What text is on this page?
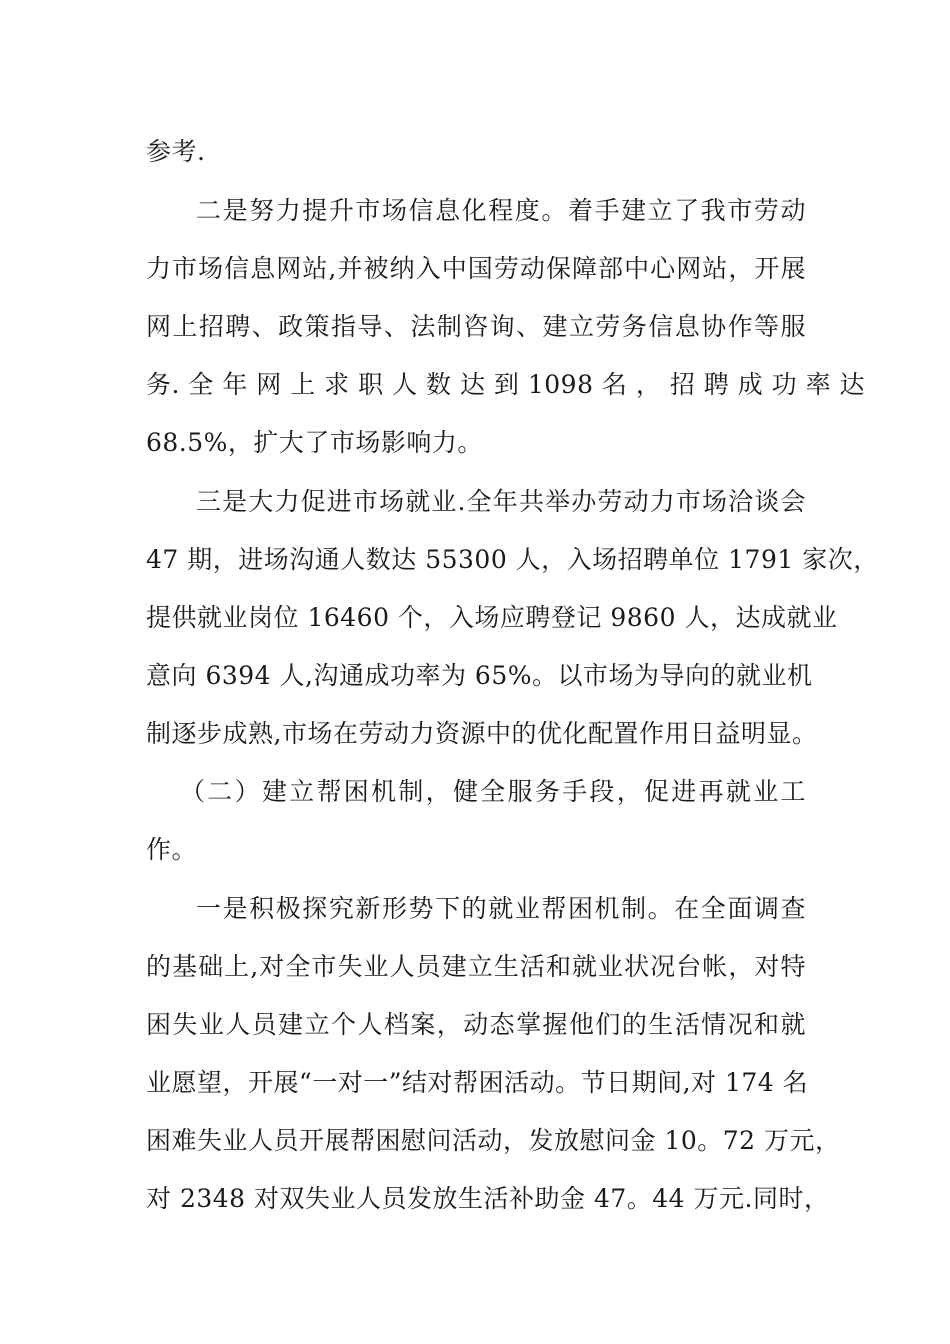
参考.
二是努力提升市场信息化程度。着手建立了我市劳动
力市场信息网站,并被纳入中国劳动保障部中心网站，开展
网上招聘、政策指导、法制咨询、建立劳务信息协作等服
务. 全 年 网 上 求 职 人 数 达 到 1098 名 ， 招 聘 成 功 率 达
68.5%，扩大了市场影响力。
三是大力促进市场就业.全年共举办劳动力市场洽谈会
47 期，进场沟通人数达 55300 人，入场招聘单位 1791 家次，
提供就业岗位 16460 个，入场应聘登记 9860 人，达成就业
意向 6394 人,沟通成功率为 65%。以市场为导向的就业机
制逐步成熟,市场在劳动力资源中的优化配置作用日益明显。
（二）建立帮困机制，健全服务手段，促进再就业工
作。
一是积极探究新形势下的就业帮困机制。在全面调查
的基础上,对全市失业人员建立生活和就业状况台帐，对特
困失业人员建立个人档案，动态掌握他们的生活情况和就
业愿望，开展“一对一”结对帮困活动。节日期间,对 174 名
困难失业人员开展帮困慰问活动，发放慰问金 10。72 万元，
对 2348 对双失业人员发放生活补助金 47。44 万元.同时，
